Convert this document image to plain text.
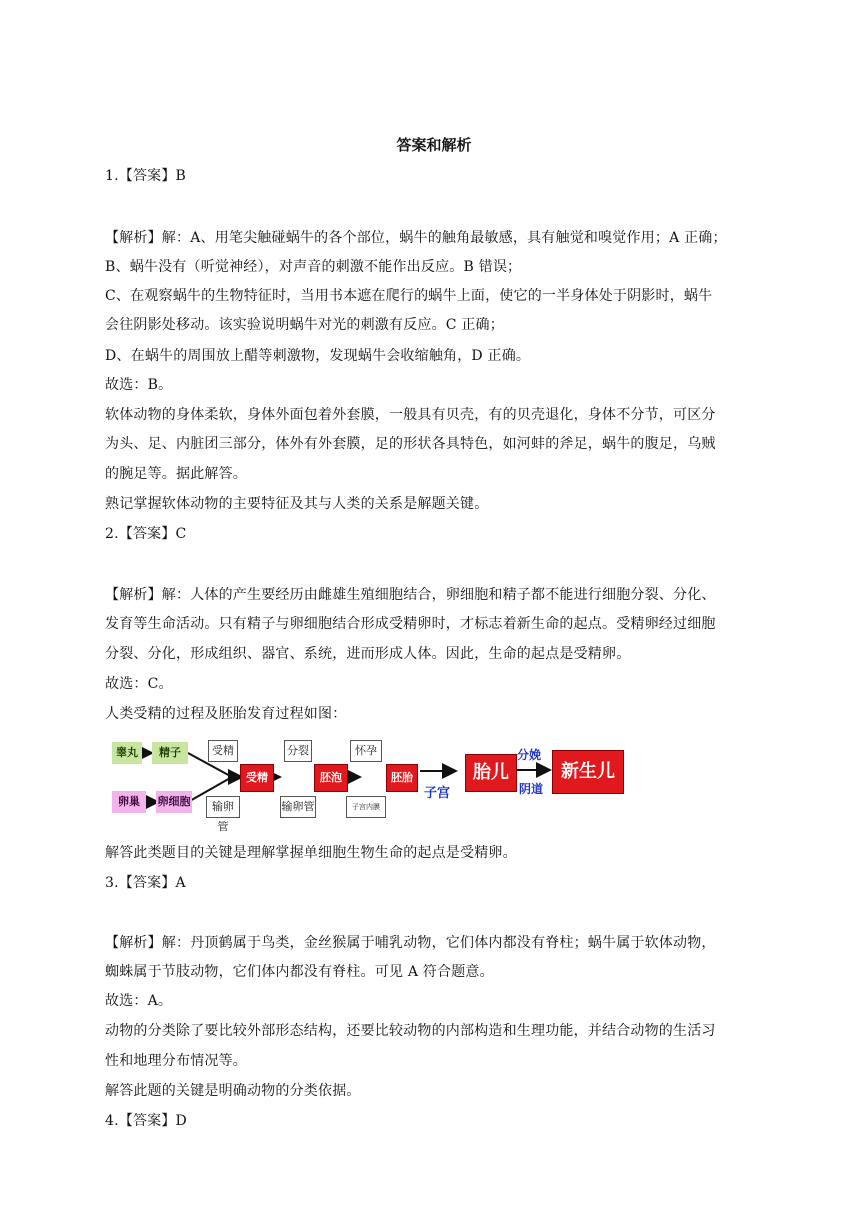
答案和解析
1.【答案】B
【解析】解：A、用笔尖触碰蜗牛的各个部位，蜗牛的触角最敏感，具有触觉和嗅觉作用；A 正确；
B、蜗牛没有（听觉神经），对声音的刺激不能作出反应。B 错误；
C、在观察蜗牛的生物特征时，当用书本遮在爬行的蜗牛上面，使它的一半身体处于阴影时，蜗牛
会往阴影处移动。该实验说明蜗牛对光的刺激有反应。C 正确；
D、在蜗牛的周围放上醋等刺激物，发现蜗牛会收缩触角，D 正确。
故选：B。
软体动物的身体柔软，身体外面包着外套膜，一般具有贝壳，有的贝壳退化，身体不分节，可区分
为头、足、内脏团三部分，体外有外套膜，足的形状各具特色，如河蚌的斧足，蜗牛的腹足，乌贼
的腕足等。据此解答。
熟记掌握软体动物的主要特征及其与人类的关系是解题关键。
2.【答案】C
【解析】解：人体的产生要经历由雌雄生殖细胞结合，卵细胞和精子都不能进行细胞分裂、分化、
发育等生命活动。只有精子与卵细胞结合形成受精卵时，才标志着新生命的起点。受精卵经过细胞
分裂、分化，形成组织、器官、系统，进而形成人体。因此，生命的起点是受精卵。
故选：C。
人类受精的过程及胚胎发育过程如图：
睾丸	精子
卵巢	卵细胞
受精
输卵管
受精卵
分裂
输卵管
胚泡
怀孕
子宫内膜
胚胎
子宫
胎儿
分娩
阴道
新生儿
解答此类题目的关键是理解掌握单细胞生物生命的起点是受精卵。
3.【答案】A
【解析】解：丹顶鹤属于鸟类，金丝猴属于哺乳动物，它们体内都没有脊柱；蜗牛属于软体动物，
蜘蛛属于节肢动物，它们体内都没有脊柱。可见 A 符合题意。
故选：A。
动物的分类除了要比较外部形态结构，还要比较动物的内部构造和生理功能，并结合动物的生活习
性和地理分布情况等。
解答此题的关键是明确动物的分类依据。
4.【答案】D
